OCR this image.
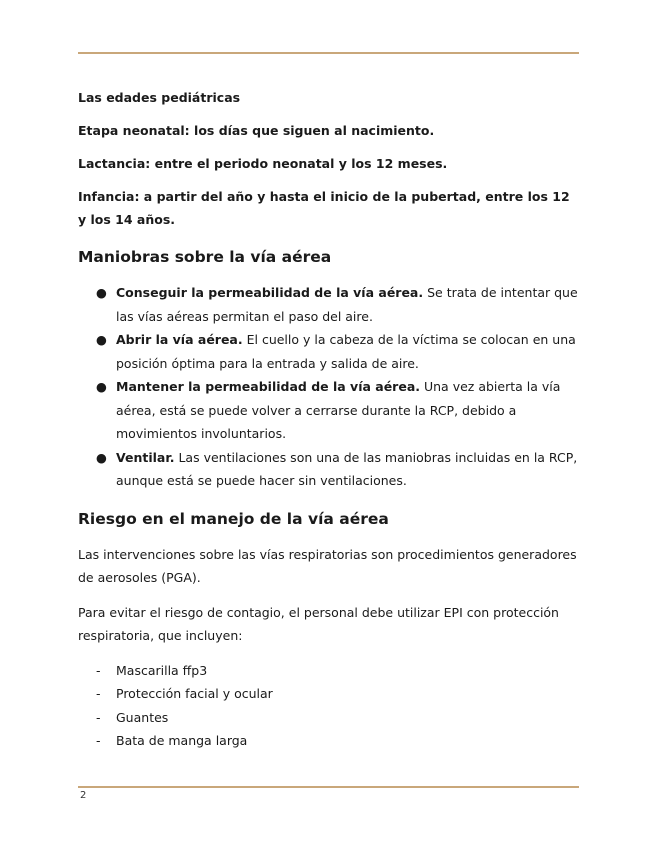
Las edades pediátricas

Etapa neonatal: los días que siguen al nacimiento.

Lactancia: entre el periodo neonatal y los 12 meses.

Infancia: a partir del año y hasta el inicio de la pubertad, entre los 12 y los 14 años.

Maniobras sobre la vía aérea
● Conseguir la permeabilidad de la vía aérea. Se trata de intentar que las vías aéreas permitan el paso del aire.
● Abrir la vía aérea. El cuello y la cabeza de la víctima se colocan en una posición óptima para la entrada y salida de aire.
● Mantener la permeabilidad de la vía aérea. Una vez abierta la vía aérea, está se puede volver a cerrarse durante la RCP, debido a movimientos involuntarios.
● Ventilar. Las ventilaciones son una de las maniobras incluidas en la RCP, aunque está se puede hacer sin ventilaciones.
Riesgo en el manejo de la vía aérea

Las intervenciones sobre las vías respiratorias son procedimientos generadores de aerosoles (PGA).

Para evitar el riesgo de contagio, el personal debe utilizar EPI con protección respiratoria, que incluyen:

- Mascarilla ffp3
- Protección facial y ocular
- Guantes
- Bata de manga larga
2
